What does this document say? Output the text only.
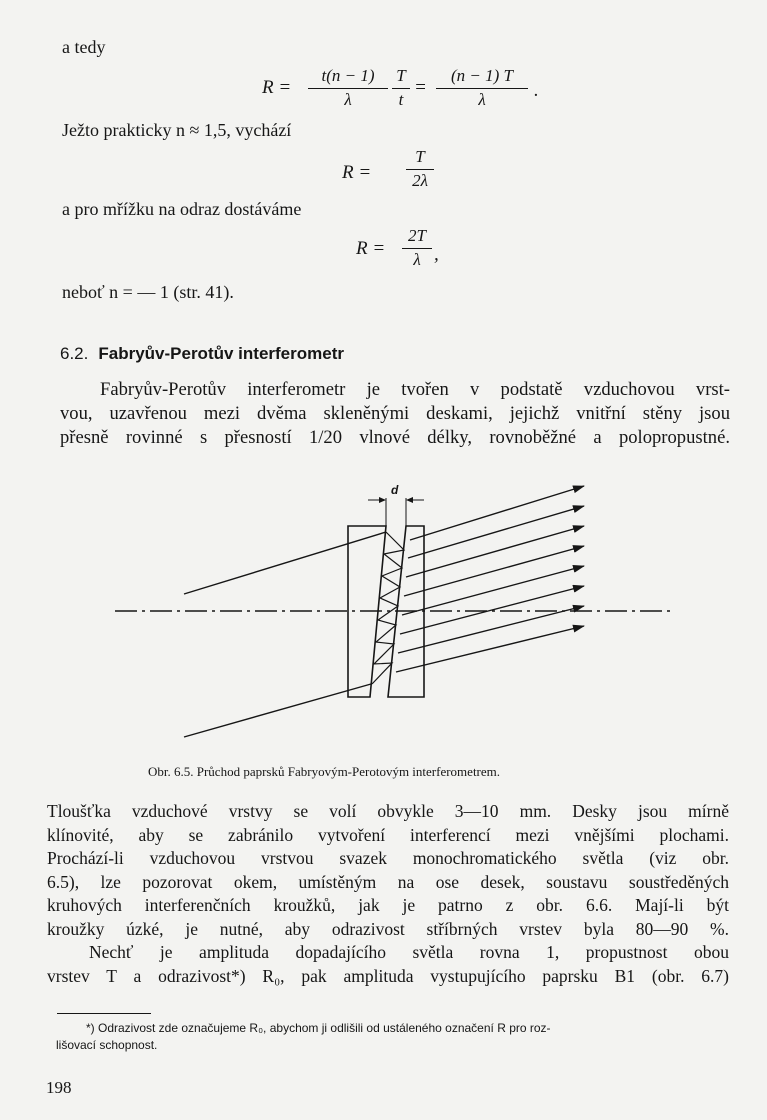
a tedy
$R = \frac{t(n - 1)}{\lambda} \frac{T}{t} = \frac{(n - 1) T}{\lambda}$ .
Ježto prakticky n ≈ 1,5, vychází
$R = \frac{T}{2\lambda}$
a pro mřížku na odraz dostáváme
$R = \frac{2T}{\lambda}$ ,
neboť n = — 1 (str. 41).
6.2. Fabryův-Perotův interferometr
Fabryův-Perotův interferometr je tvořen v podstatě vzduchovou vrst-
vou, uzavřenou mezi dvěma skleněnými deskami, jejichž vnitřní stěny jsou
přesně rovinné s přesností 1/20 vlnové délky, rovnoběžné a polopropustné.
d
Obr. 6.5. Průchod paprsků Fabryovým-Perotovým interferometrem.
Tloušťka vzduchové vrstvy se volí obvykle 3—10 mm. Desky jsou mírně
klínovité, aby se zabránilo vytvoření interferencí mezi vnějšími plochami.
Prochází-li vzduchovou vrstvou svazek monochromatického světla (viz obr.
6.5), lze pozorovat okem, umístěným na ose desek, soustavu soustředěných
kruhových interferenčních kroužků, jak je patrno z obr. 6.6. Mají-li být
kroužky úzké, je nutné, aby odrazivost stříbrných vrstev byla 80—90 %.
Nechť je amplituda dopadajícího světla rovna 1, propustnost obou
vrstev T a odrazivost*) R₀, pak amplituda vystupujícího paprsku B1 (obr. 6.7)
*) Odrazivost zde označujeme R₀, abychom ji odlišili od ustáleného označení R pro roz-
lišovací schopnost.
198
